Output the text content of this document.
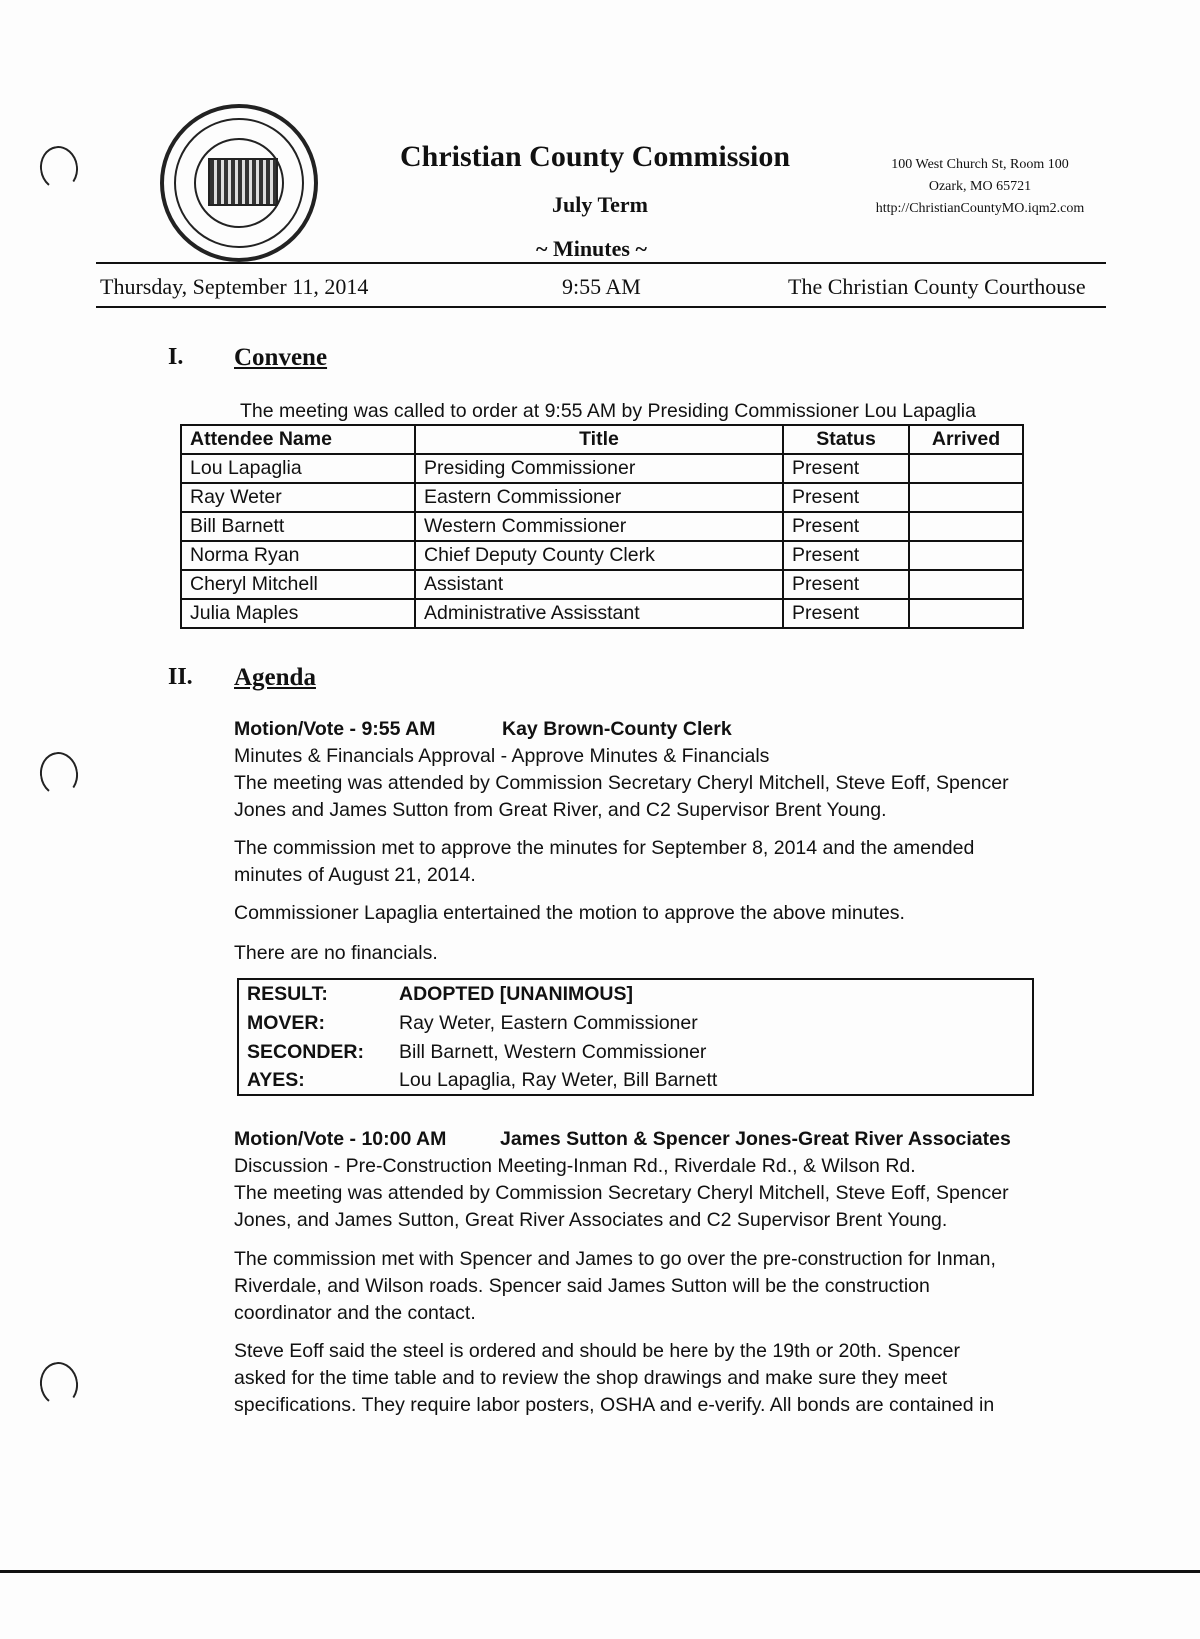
Christian County Commission
July Term
~ Minutes ~
100 West Church St, Room 100
Ozark, MO 65721
http://ChristianCountyMO.iqm2.com
Thursday, September 11, 2014	9:55 AM	The Christian County Courthouse
I. Convene
The meeting was called to order at 9:55 AM by Presiding Commissioner Lou Lapaglia
Attendee Name	Title	Status	Arrived
Lou Lapaglia	Presiding Commissioner	Present	
Ray Weter	Eastern Commissioner	Present	
Bill Barnett	Western Commissioner	Present	
Norma Ryan	Chief Deputy County Clerk	Present	
Cheryl Mitchell	Assistant	Present	
Julia Maples	Administrative Assisstant	Present	
II. Agenda
Motion/Vote - 9:55 AM	Kay Brown-County Clerk
Minutes & Financials Approval - Approve Minutes & Financials
The meeting was attended by Commission Secretary Cheryl Mitchell, Steve Eoff, Spencer
Jones and James Sutton from Great River, and C2 Supervisor Brent Young.
The commission met to approve the minutes for September 8, 2014 and the amended
minutes of August 21, 2014.
Commissioner Lapaglia entertained the motion to approve the above minutes.
There are no financials.
RESULT:	ADOPTED [UNANIMOUS]
MOVER:	Ray Weter, Eastern Commissioner
SECONDER: Bill Barnett, Western Commissioner
AYES:	Lou Lapaglia, Ray Weter, Bill Barnett
Motion/Vote - 10:00 AM	James Sutton & Spencer Jones-Great River Associates
Discussion - Pre-Construction Meeting-Inman Rd., Riverdale Rd., & Wilson Rd.
The meeting was attended by Commission Secretary Cheryl Mitchell, Steve Eoff, Spencer
Jones, and James Sutton, Great River Associates and C2 Supervisor Brent Young.
The commission met with Spencer and James to go over the pre-construction for Inman,
Riverdale, and Wilson roads. Spencer said James Sutton will be the construction
coordinator and the contact.
Steve Eoff said the steel is ordered and should be here by the 19th or 20th. Spencer
asked for the time table and to review the shop drawings and make sure they meet
specifications. They require labor posters, OSHA and e-verify. All bonds are contained in
